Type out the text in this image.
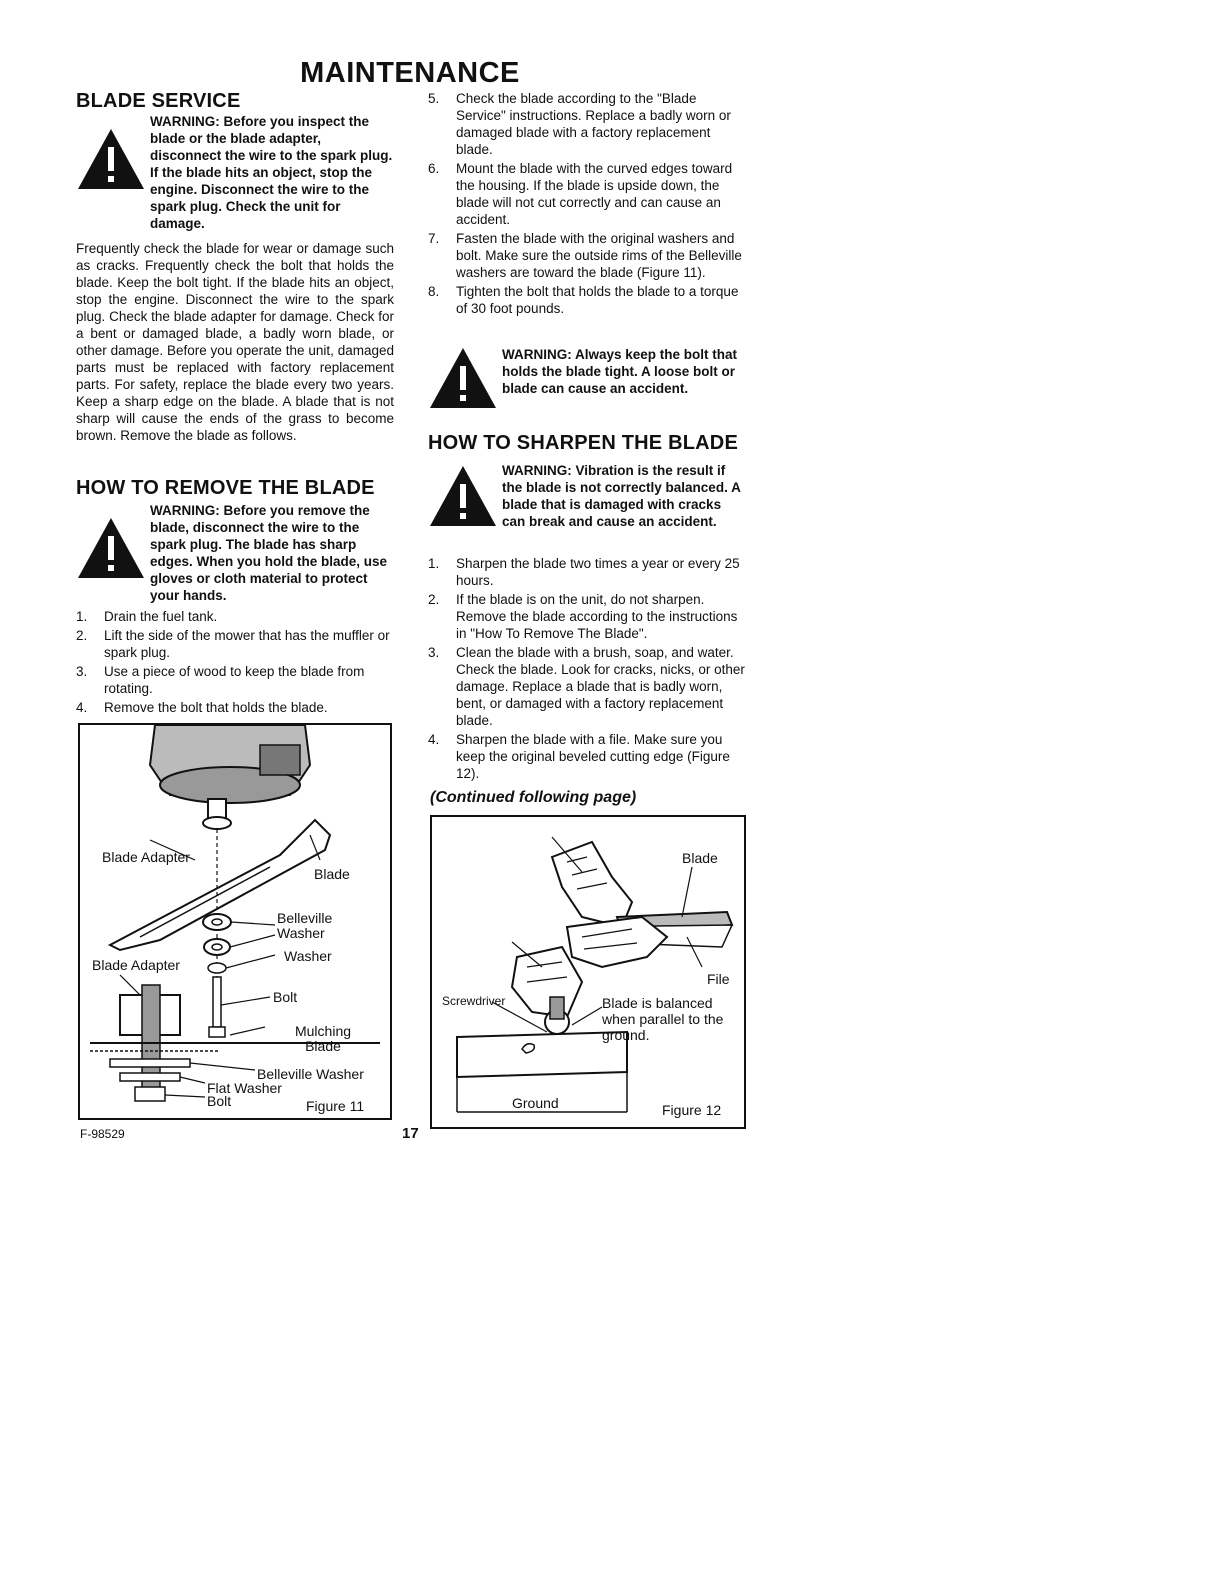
MAINTENANCE
BLADE SERVICE
WARNING: Before you inspect the blade or the blade adapter, disconnect the wire to the spark plug. If the blade hits an object, stop the engine. Disconnect the wire to the spark plug. Check the unit for damage.
Frequently check the blade for wear or damage such as cracks. Frequently check the bolt that holds the blade. Keep the bolt tight. If the blade hits an object, stop the engine. Disconnect the wire to the spark plug. Check the blade adapter for damage. Check for a bent or damaged blade, a badly worn blade, or other damage. Before you operate the unit, damaged parts must be replaced with factory replacement parts. For safety, replace the blade every two years. Keep a sharp edge on the blade. A blade that is not sharp will cause the ends of the grass to become brown. Remove the blade as follows.
HOW TO REMOVE THE BLADE
WARNING: Before you remove the blade, disconnect the wire to the spark plug. The blade has sharp edges. When you hold the blade, use gloves or cloth material to protect your hands.
1.	Drain the fuel tank.
2.	Lift the side of the mower that has the muffler or spark plug.
3.	Use a piece of wood to keep the blade from rotating.
4.	Remove the bolt that holds the blade.
Blade Adapter
Blade
Belleville Washer
Washer
Blade Adapter
Bolt
Mulching Blade
Belleville Washer
Flat Washer
Bolt	Figure 11
F-98529	17
5.	Check the blade according to the "Blade Service" instructions. Replace a badly worn or damaged blade with a factory replacement blade.
6.	Mount the blade with the curved edges toward the housing. If the blade is upside down, the blade will not cut correctly and can cause an accident.
7.	Fasten the blade with the original washers and bolt. Make sure the outside rims of the Belleville washers are toward the blade (Figure 11).
8.	Tighten the bolt that holds the blade to a torque of 30 foot pounds.
WARNING: Always keep the bolt that holds the blade tight. A loose bolt or blade can cause an accident.
HOW TO SHARPEN THE BLADE
WARNING: Vibration is the result if the blade is not correctly balanced. A blade that is damaged with cracks can break and cause an accident.
1.	Sharpen the blade two times a year or every 25 hours.
2.	If the blade is on the unit, do not sharpen. Remove the blade according to the instructions in "How To Remove The Blade".
3.	Clean the blade with a brush, soap, and water. Check the blade. Look for cracks, nicks, or other damage. Replace a blade that is badly worn, bent, or damaged with a factory replacement blade.
4.	Sharpen the blade with a file. Make sure you keep the original beveled cutting edge (Figure 12).
(Continued following page)
Blade
File
Screwdriver	Blade is balanced when parallel to the ground.
Ground	Figure 12
